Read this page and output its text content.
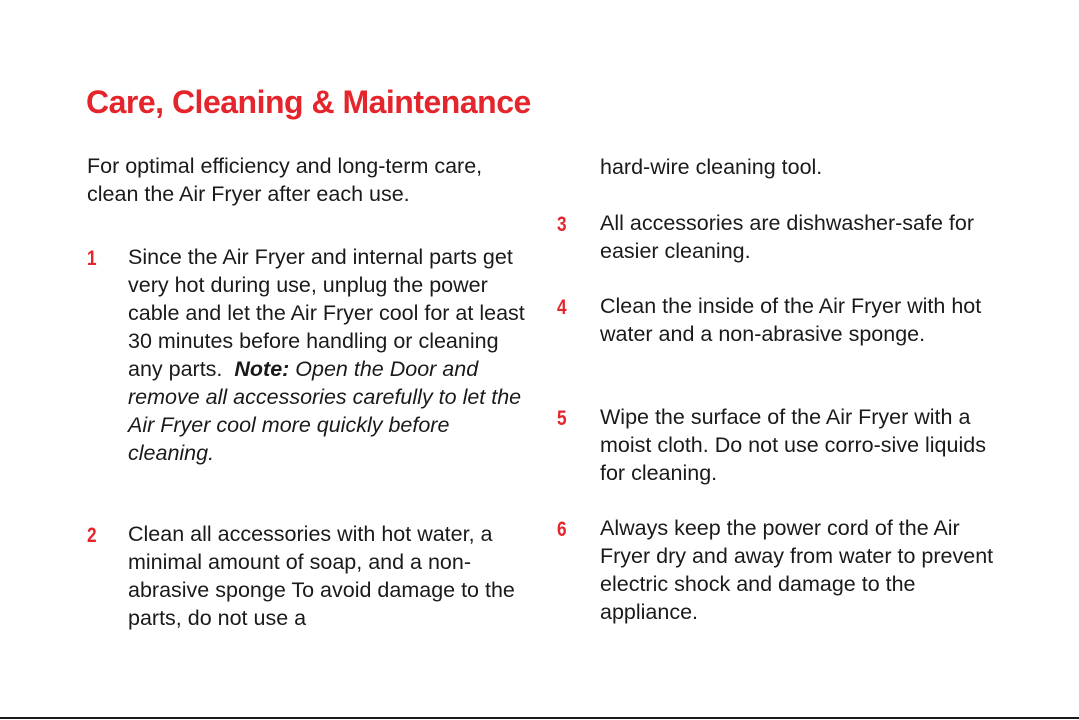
Care, Cleaning & Maintenance

For optimal efficiency and long-term care, clean the Air Fryer after each use.

1 Since the Air Fryer and internal parts get very hot during use, unplug the power cable and let the Air Fryer cool for at least 30 minutes before handling or cleaning any parts. Note: Open the Door and remove all accessories carefully to let the Air Fryer cool more quickly before cleaning.

2 Clean all accessories with hot water, a minimal amount of soap, and a non-abrasive sponge To avoid damage to the parts, do not use a

hard-wire cleaning tool.

3 All accessories are dishwasher-safe for easier cleaning.

4 Clean the inside of the Air Fryer with hot water and a non-abrasive sponge.

5 Wipe the surface of the Air Fryer with a moist cloth. Do not use corro-sive liquids for cleaning.

6 Always keep the power cord of the Air Fryer dry and away from water to prevent electric shock and damage to the appliance.
